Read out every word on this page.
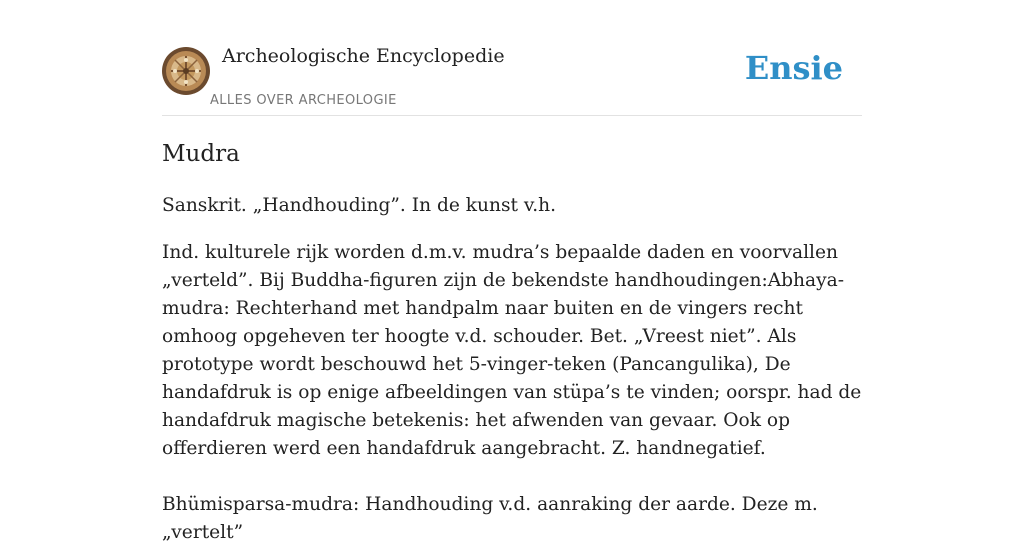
Archeologische Encyclopedie
ALLES OVER ARCHEOLOGIE
Ensie
Mudra

Sanskrit. „Handhouding”. In de kunst v.h.

Ind. kulturele rijk worden d.m.v. mudra’s bepaalde daden en voorvallen „verteld”. Bij Buddha-figuren zijn de bekendste handhoudingen:Abhaya-mudra: Rechterhand met handpalm naar buiten en de vingers recht omhoog opgeheven ter hoogte v.d. schouder. Bet. „Vreest niet”. Als prototype wordt beschouwd het 5-vinger-teken (Pancangulika), De handafdruk is op enige afbeeldingen van stüpa’s te vinden; oorspr. had de handafdruk magische betekenis: het afwenden van gevaar. Ook op offerdieren werd een handafdruk aangebracht. Z. handnegatief.

Bhümisparsa-mudra: Handhouding v.d. aanraking der aarde. Deze m. „vertelt”
